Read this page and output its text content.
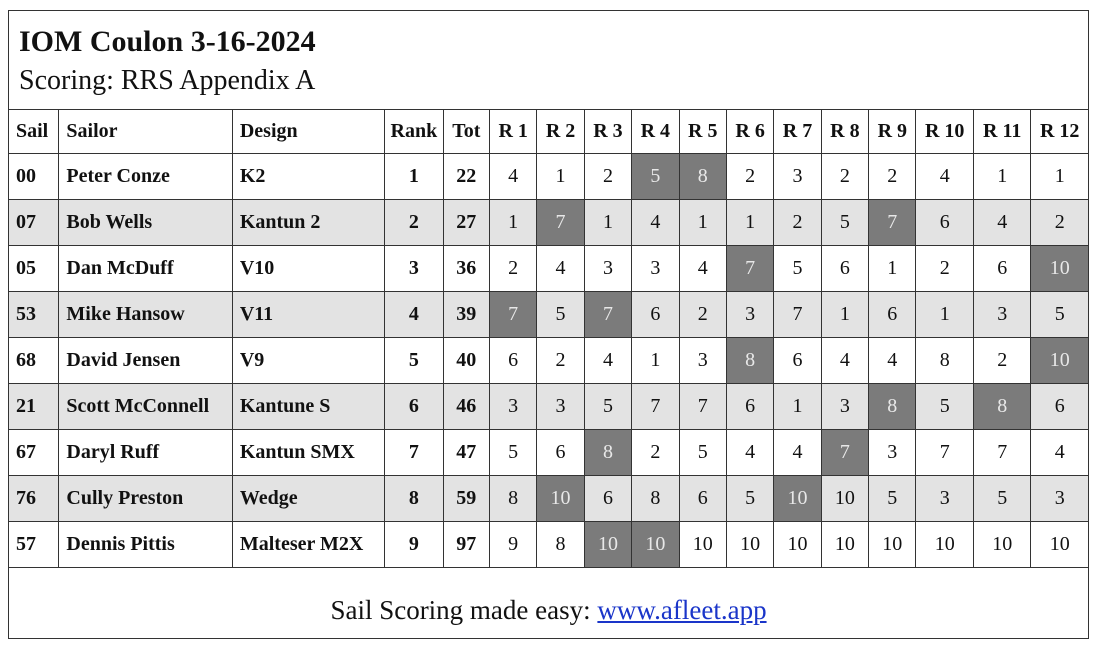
IOM Coulon 3-16-2024
Scoring: RRS Appendix A
Sail	Sailor	Design	Rank	Tot	R 1	R 2	R 3	R 4	R 5	R 6	R 7	R 8	R 9	R 10	R 11	R 12
00	Peter Conze	K2	1	22	4	1	2	5	8	2	3	2	2	4	1	1
07	Bob Wells	Kantun 2	2	27	1	7	1	4	1	1	2	5	7	6	4	2
05	Dan McDuff	V10	3	36	2	4	3	3	4	7	5	6	1	2	6	10
53	Mike Hansow	V11	4	39	7	5	7	6	2	3	7	1	6	1	3	5
68	David Jensen	V9	5	40	6	2	4	1	3	8	6	4	4	8	2	10
21	Scott McConnell	Kantune S	6	46	3	3	5	7	7	6	1	3	8	5	8	6
67	Daryl Ruff	Kantun SMX	7	47	5	6	8	2	5	4	4	7	3	7	7	4
76	Cully Preston	Wedge	8	59	8	10	6	8	6	5	10	10	5	3	5	3
57	Dennis Pittis	Malteser M2X	9	97	9	8	10	10	10	10	10	10	10	10	10	10
Sail Scoring made easy: www.afleet.app
